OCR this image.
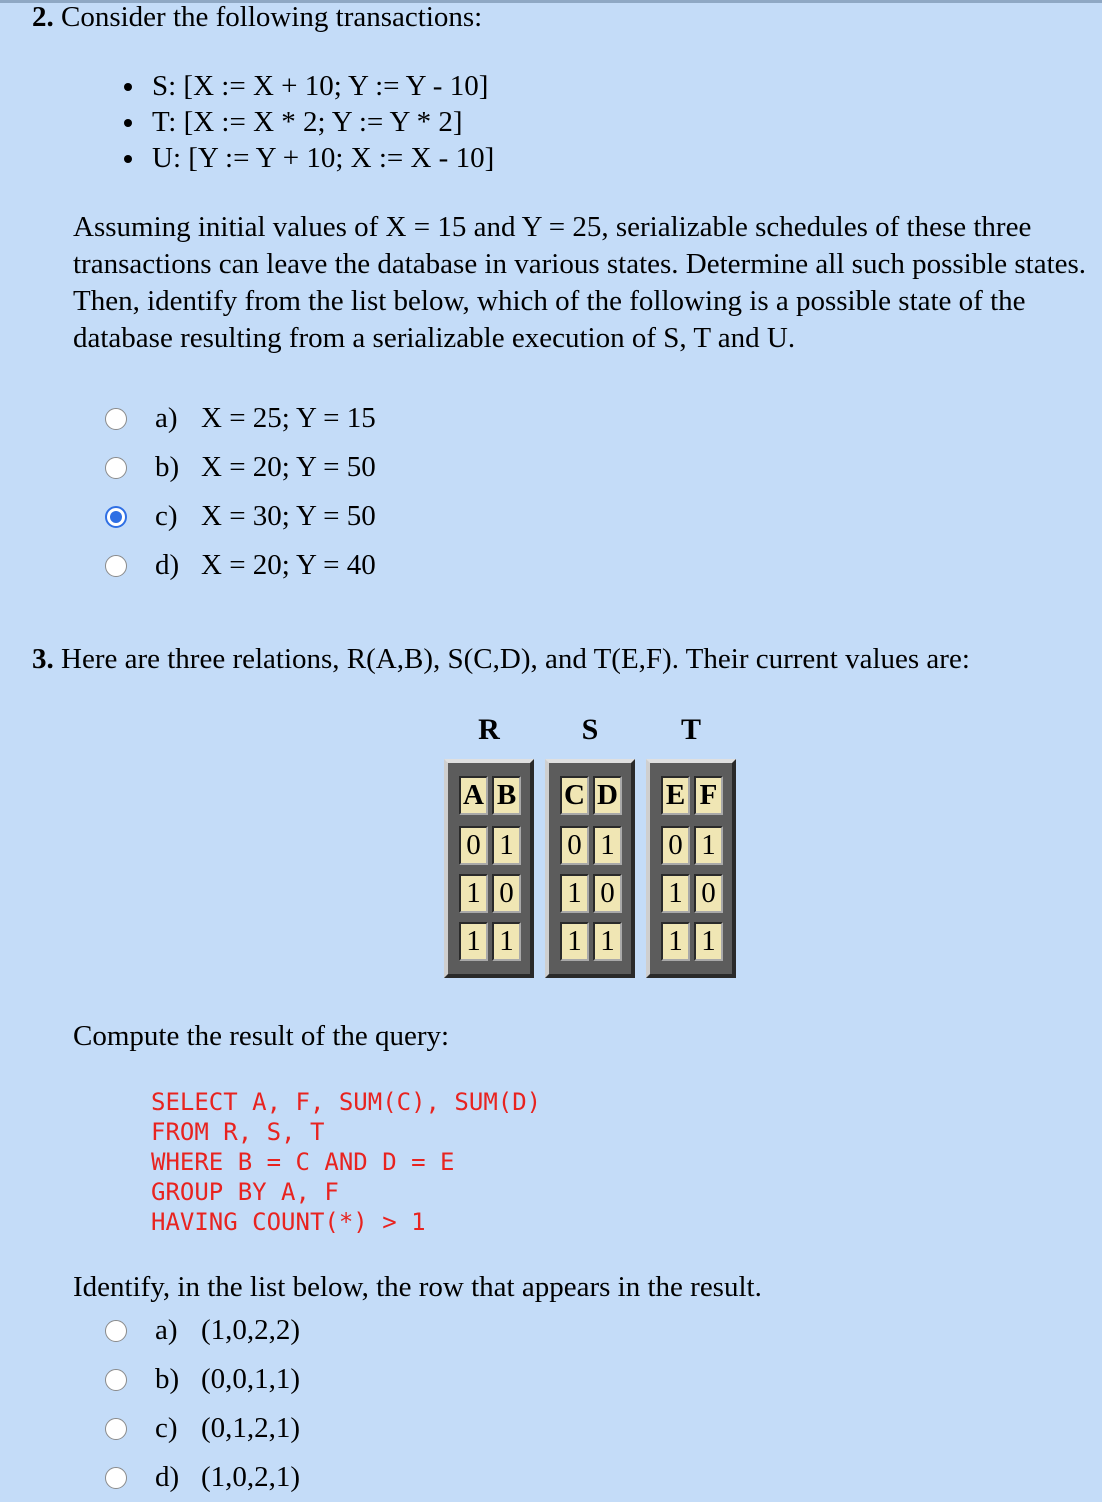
2. Consider the following transactions:
S: [X := X + 10; Y := Y - 10]
T: [X := X * 2; Y := Y * 2]
U: [Y := Y + 10; X := X - 10]
Assuming initial values of X = 15 and Y = 25, serializable schedules of these three transactions can leave the database in various states. Determine all such possible states. Then, identify from the list below, which of the following is a possible state of the database resulting from a serializable execution of S, T and U.
a) X = 25; Y = 15
b) X = 20; Y = 50
c) X = 30; Y = 50
d) X = 20; Y = 40
3. Here are three relations, R(A,B), S(C,D), and T(E,F). Their current values are:
R	S	T
A B
0 1
1 0
1 1
C D
0 1
1 0
1 1
E F
0 1
1 0
1 1
Compute the result of the query:
SELECT A, F, SUM(C), SUM(D)
FROM R, S, T
WHERE B = C AND D = E
GROUP BY A, F
HAVING COUNT(*) > 1
Identify, in the list below, the row that appears in the result.
a) (1,0,2,2)
b) (0,0,1,1)
c) (0,1,2,1)
d) (1,0,2,1)
